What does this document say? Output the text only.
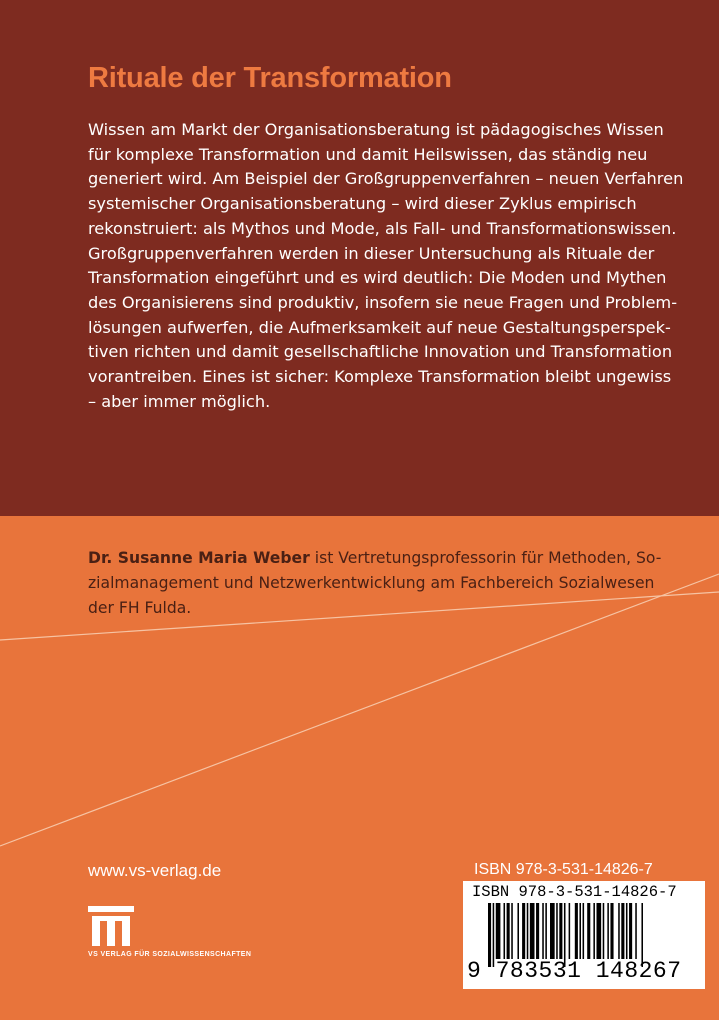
Rituale der Transformation
Wissen am Markt der Organisationsberatung ist pädagogisches Wissen
für komplexe Transformation und damit Heilswissen, das ständig neu
generiert wird. Am Beispiel der Großgruppenverfahren – neuen Verfahren
systemischer Organisationsberatung – wird dieser Zyklus empirisch
rekonstruiert: als Mythos und Mode, als Fall- und Transformationswissen.
Großgruppenverfahren werden in dieser Untersuchung als Rituale der
Transformation eingeführt und es wird deutlich: Die Moden und Mythen
des Organisierens sind produktiv, insofern sie neue Fragen und Problem-
lösungen aufwerfen, die Aufmerksamkeit auf neue Gestaltungsperspek-
tiven richten und damit gesellschaftliche Innovation und Transformation
vorantreiben. Eines ist sicher: Komplexe Transformation bleibt ungewiss
– aber immer möglich.
Dr. Susanne Maria Weber ist Vertretungsprofessorin für Methoden, So-
zialmanagement und Netzwerkentwicklung am Fachbereich Sozialwesen
der FH Fulda.
www.vs-verlag.de
VS VERLAG FÜR SOZIALWISSENSCHAFTEN
ISBN 978-3-531-14826-7
ISBN 978-3-531-14826-7
9 783531 148267
